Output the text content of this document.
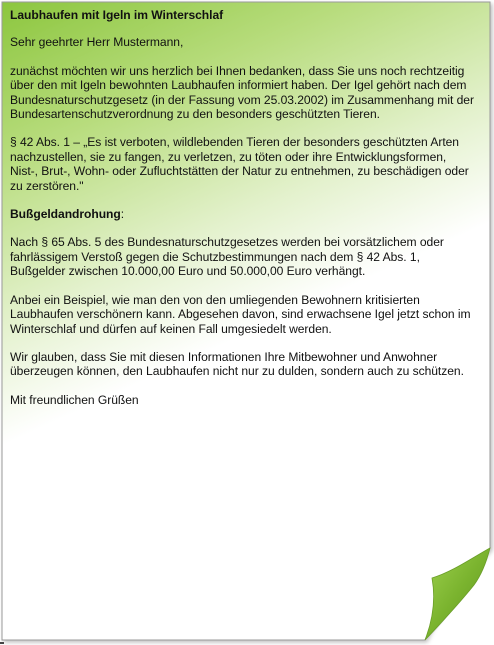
Laubhaufen mit Igeln im Winterschlaf
Sehr geehrter Herr Mustermann,
zunächst möchten wir uns herzlich bei Ihnen bedanken, dass Sie uns noch rechtzeitig über den mit Igeln bewohnten Laubhaufen informiert haben. Der Igel gehört nach dem Bundesnaturschutzgesetz (in der Fassung vom 25.03.2002) im Zusammenhang mit der Bundesartenschutzverordnung zu den besonders geschützten Tieren.
§ 42 Abs. 1 – „Es ist verboten, wildlebenden Tieren der besonders geschützten Arten nachzustellen, sie zu fangen, zu verletzen, zu töten oder ihre Entwicklungsformen, Nist-, Brut-, Wohn- oder Zufluchtstätten der Natur zu entnehmen, zu beschädigen oder zu zerstören."
Bußgeldandrohung:
Nach § 65 Abs. 5 des Bundesnaturschutzgesetzes werden bei vorsätzlichem oder fahrlässigem Verstoß gegen die Schutzbestimmungen nach dem § 42 Abs. 1, Bußgelder zwischen 10.000,00 Euro und 50.000,00 Euro verhängt.
Anbei ein Beispiel, wie man den von den umliegenden Bewohnern kritisierten Laubhaufen verschönern kann. Abgesehen davon, sind erwachsene Igel jetzt schon im Winterschlaf und dürfen auf keinen Fall umgesiedelt werden.
Wir glauben, dass Sie mit diesen Informationen Ihre Mitbewohner und Anwohner überzeugen können, den Laubhaufen nicht nur zu dulden, sondern auch zu schützen.
Mit freundlichen Grüßen
